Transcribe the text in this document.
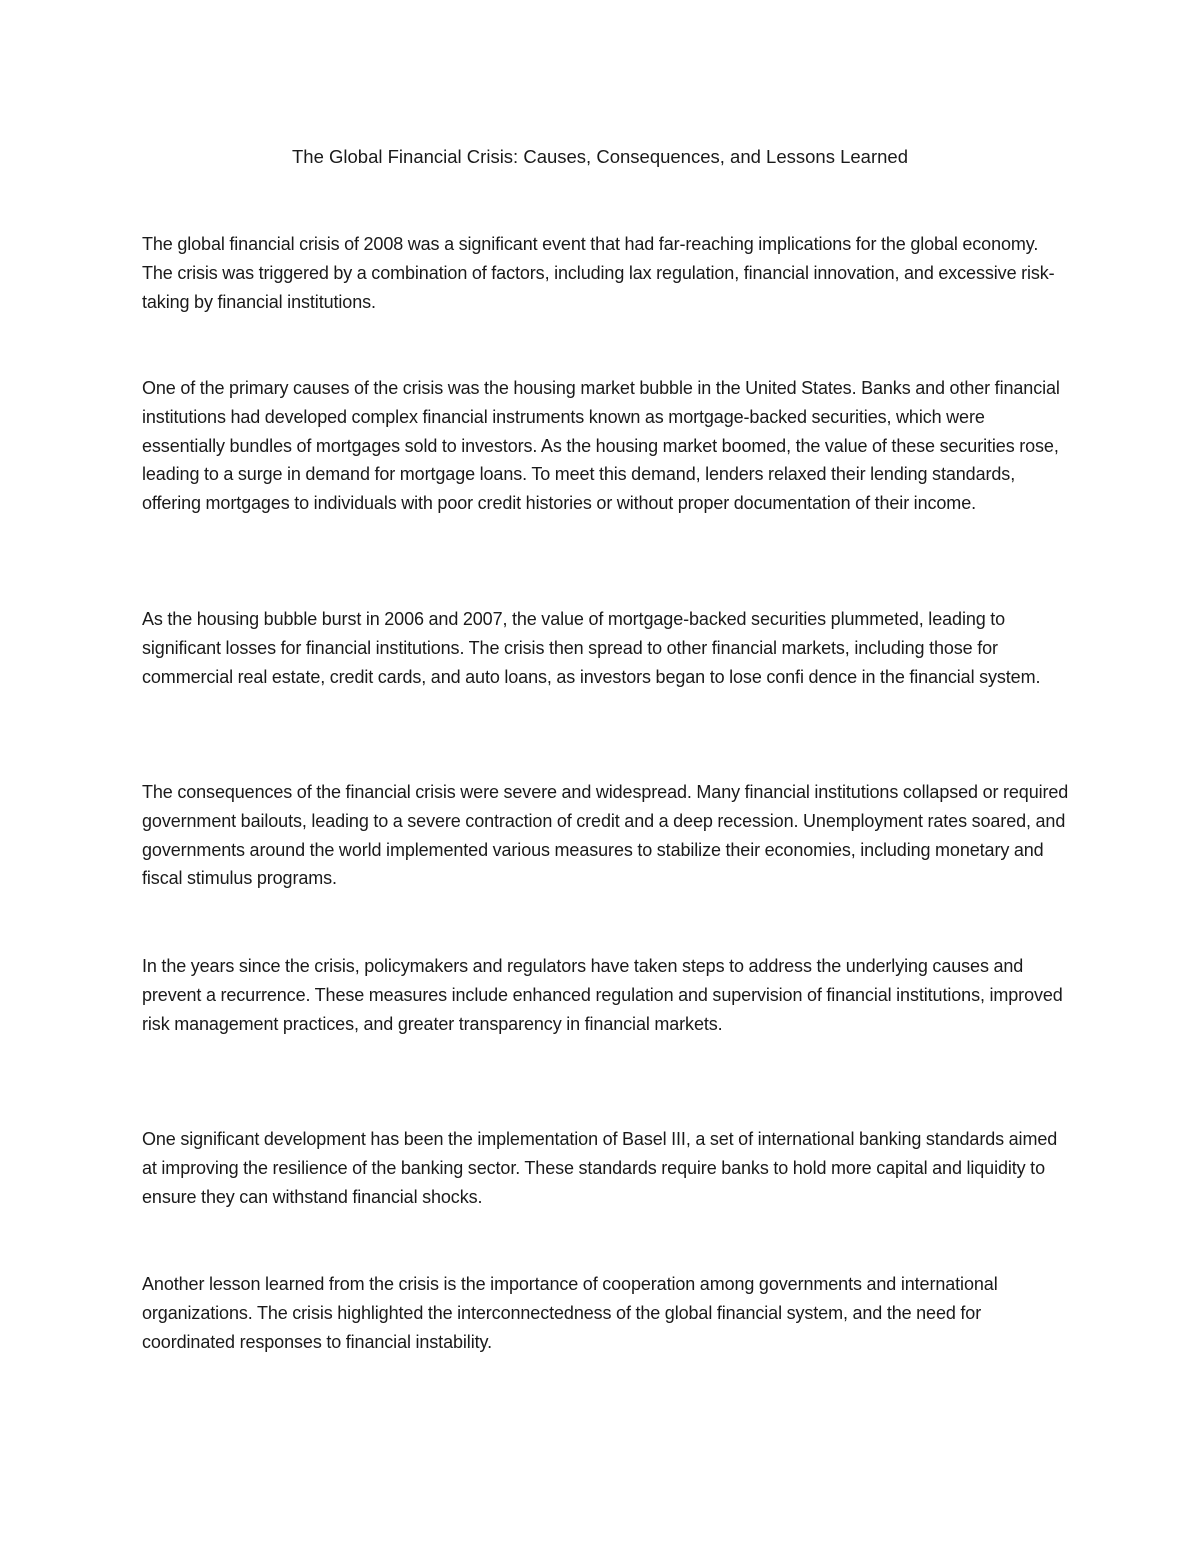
The Global Financial Crisis: Causes, Consequences, and Lessons Learned

The global financial crisis of 2008 was a significant event that had far-reaching implications for the global economy. The crisis was triggered by a combination of factors, including lax regulation, financial innovation, and excessive risk-taking by financial institutions.

One of the primary causes of the crisis was the housing market bubble in the United States. Banks and other financial institutions had developed complex financial instruments known as mortgage-backed securities, which were essentially bundles of mortgages sold to investors. As the housing market boomed, the value of these securities rose, leading to a surge in demand for mortgage loans. To meet this demand, lenders relaxed their lending standards, offering mortgages to individuals with poor credit histories or without proper documentation of their income.

As the housing bubble burst in 2006 and 2007, the value of mortgage-backed securities plummeted, leading to significant losses for financial institutions. The crisis then spread to other financial markets, including those for commercial real estate, credit cards, and auto loans, as investors began to lose confi dence in the financial system.

The consequences of the financial crisis were severe and widespread. Many financial institutions collapsed or required government bailouts, leading to a severe contraction of credit and a deep recession. Unemployment rates soared, and governments around the world implemented various measures to stabilize their economies, including monetary and fiscal stimulus programs.

In the years since the crisis, policymakers and regulators have taken steps to address the underlying causes and prevent a recurrence. These measures include enhanced regulation and supervision of financial institutions, improved risk management practices, and greater transparency in financial markets.

One significant development has been the implementation of Basel III, a set of international banking standards aimed at improving the resilience of the banking sector. These standards require banks to hold more capital and liquidity to ensure they can withstand financial shocks.

Another lesson learned from the crisis is the importance of cooperation among governments and international organizations. The crisis highlighted the interconnectedness of the global financial system, and the need for coordinated responses to financial instability.
